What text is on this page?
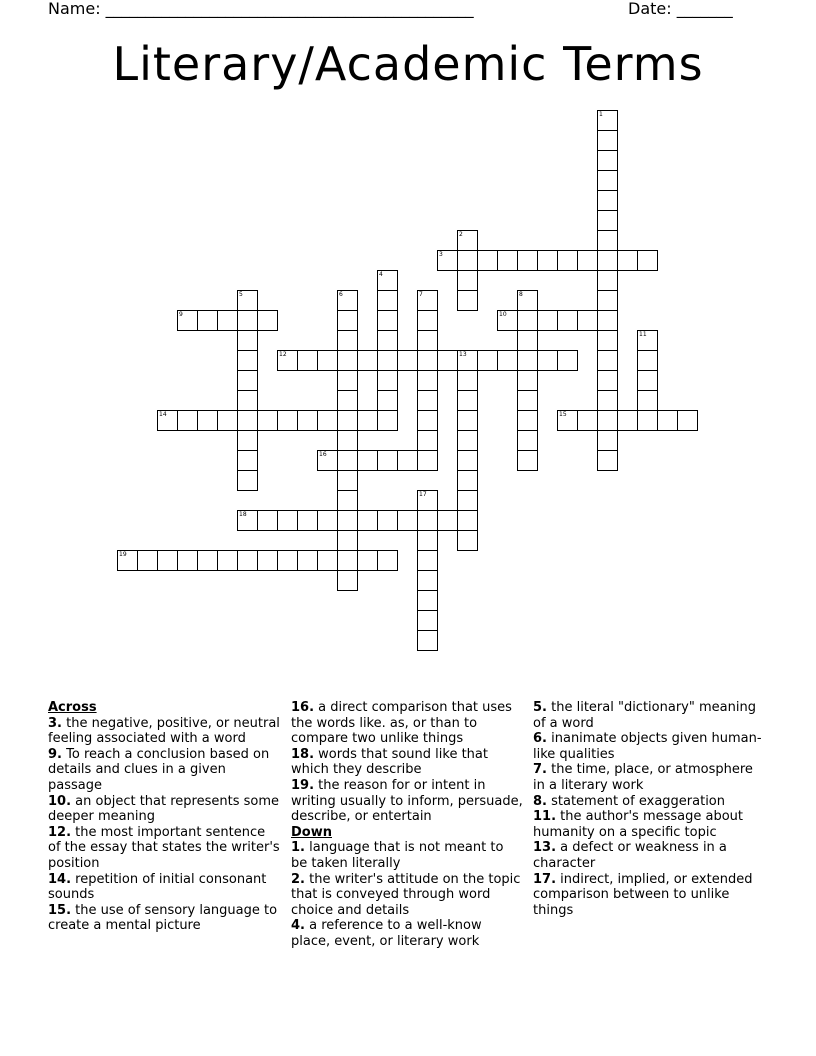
Name: ______________________________________________	Date: _______
Literary/Academic Terms
1
2
3
4
5	6	7	8
9	10
11
12	13
14	15
16
17
18
19
Across
3. the negative, positive, or neutral feeling associated with a word
9. To reach a conclusion based on details and clues in a given passage
10. an object that represents some deeper meaning
12. the most important sentence of the essay that states the writer's position
14. repetition of initial consonant sounds
15. the use of sensory language to create a mental picture
16. a direct comparison that uses the words like. as, or than to compare two unlike things
18. words that sound like that which they describe
19. the reason for or intent in writing usually to inform, persuade, describe, or entertain
Down
1. language that is not meant to be taken literally
2. the writer's attitude on the topic that is conveyed through word choice and details
4. a reference to a well-know place, event, or literary work
5. the literal "dictionary" meaning of a word
6. inanimate objects given human-like qualities
7. the time, place, or atmosphere in a literary work
8. statement of exaggeration
11. the author's message about humanity on a specific topic
13. a defect or weakness in a character
17. indirect, implied, or extended comparison between to unlike things
